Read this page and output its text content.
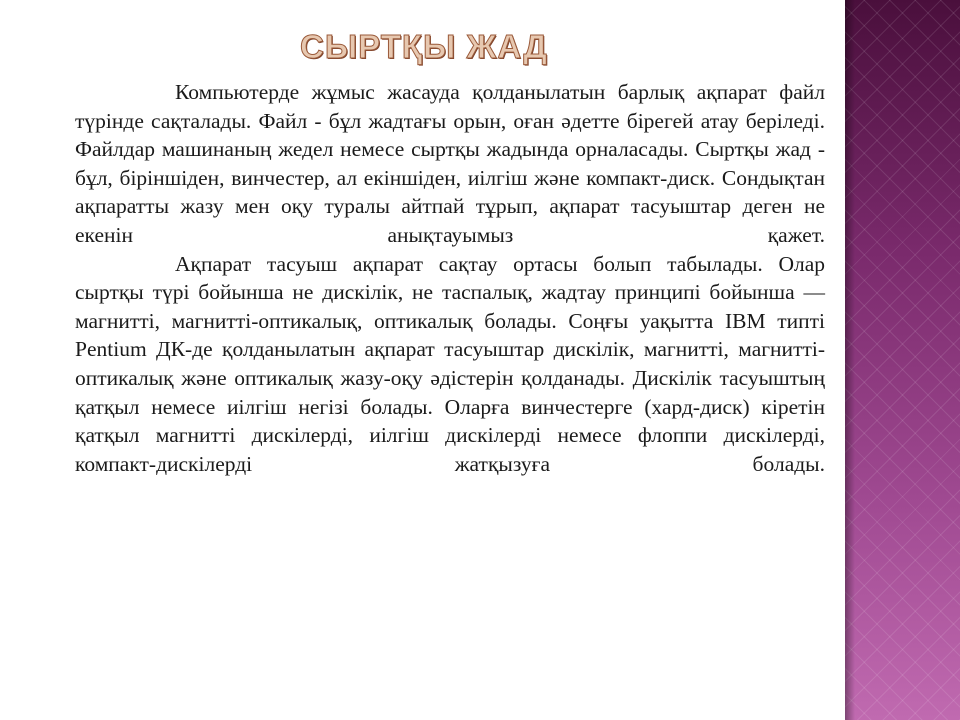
СЫРТҚЫ ЖАД

Компьютерде жұмыс жасауда қолданылатын барлық ақпарат файл түрінде сақталады. Файл - бұл жадтағы орын, оған әдетте бірегей атау беріледі. Файлдар машинаның жедел немесе сыртқы жадында орналасады. Сыртқы жад - бұл, біріншіден, винчестер, ал екіншіден, иілгіш және компакт-диск. Сондықтан ақпаратты жазу мен оқу туралы айтпай тұрып, ақпарат тасуыштар деген не екенін анықтауымыз қажет.

Ақпарат тасуыш ақпарат сақтау ортасы болып табылады. Олар сыртқы түрі бойынша не дискілік, не таспалық, жадтау принципі бойынша — магнитті, магнитті-оптикалық, оптикалық болады. Соңғы уақытта IBM типті Pentium ДК-де қолданылатын ақпарат тасуыштар дискілік, магнитті, магнитті-оптикалық және оптикалық жазу-оқу әдістерін қолданады. Дискілік тасуыштың қатқыл немесе иілгіш негізі болады. Оларға винчестерге (хард-диск) кіретін қатқыл магнитті дискілерді, иілгіш дискілерді немесе флоппи дискілерді, компакт-дискілерді жатқызуға болады.
